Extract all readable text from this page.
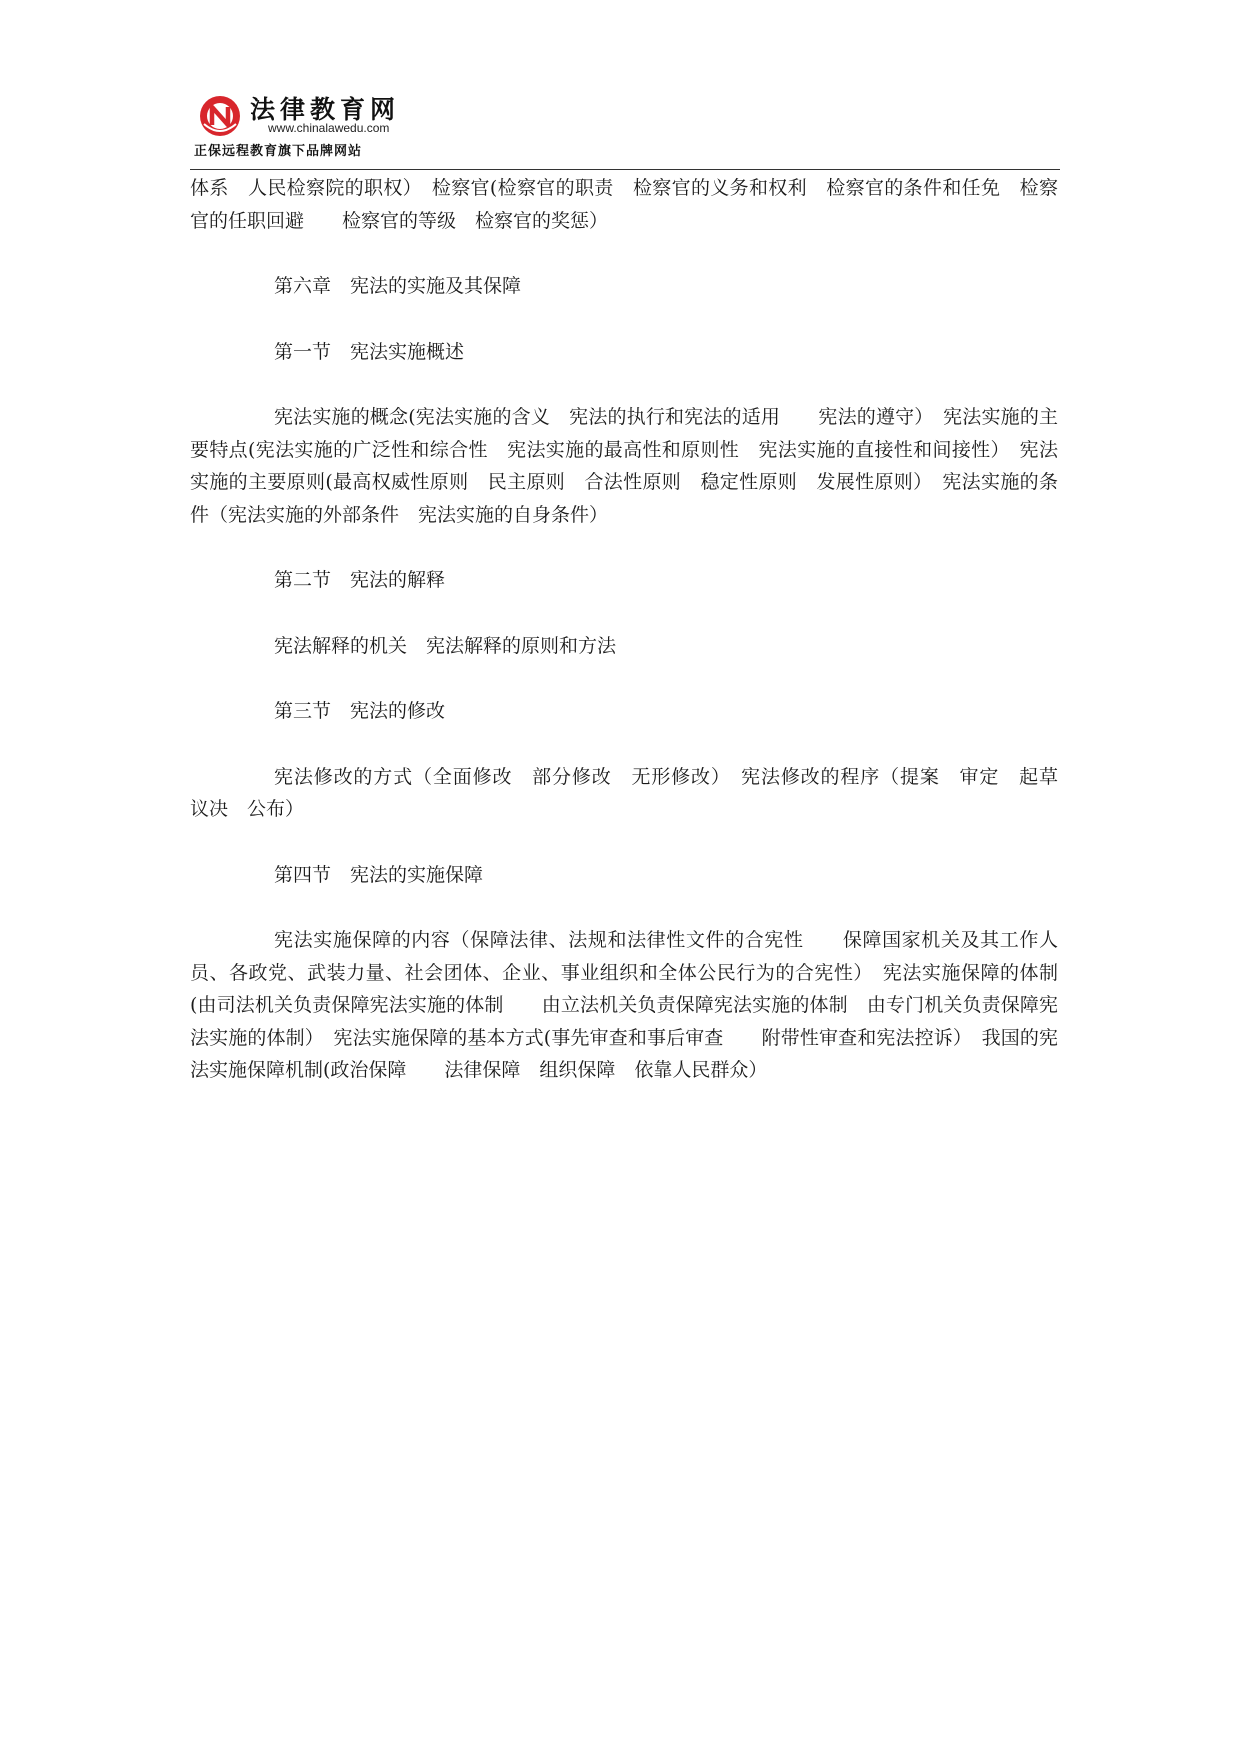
法律教育网
www.chinalawedu.com
正保远程教育旗下品牌网站

体系　人民检察院的职权）　检察官(检察官的职责　检察官的义务和权利　检察官的条件和任免　检察官的任职回避　　检察官的等级　检察官的奖惩）

第六章　宪法的实施及其保障

第一节　宪法实施概述

宪法实施的概念(宪法实施的含义　宪法的执行和宪法的适用　　宪法的遵守）　宪法实施的主要特点(宪法实施的广泛性和综合性　宪法实施的最高性和原则性　宪法实施的直接性和间接性）　宪法实施的主要原则(最高权威性原则　民主原则　合法性原则　稳定性原则　发展性原则）　宪法实施的条件（宪法实施的外部条件　宪法实施的自身条件）

第二节　宪法的解释

宪法解释的机关　宪法解释的原则和方法

第三节　宪法的修改

宪法修改的方式（全面修改　部分修改　无形修改）　宪法修改的程序（提案　审定　起草　议决　公布）

第四节　宪法的实施保障

宪法实施保障的内容（保障法律、法规和法律性文件的合宪性　　保障国家机关及其工作人员、各政党、武装力量、社会团体、企业、事业组织和全体公民行为的合宪性）　宪法实施保障的体制(由司法机关负责保障宪法实施的体制　　由立法机关负责保障宪法实施的体制　由专门机关负责保障宪法实施的体制）　宪法实施保障的基本方式(事先审查和事后审查　　附带性审查和宪法控诉）　我国的宪法实施保障机制(政治保障　　法律保障　组织保障　依靠人民群众）
